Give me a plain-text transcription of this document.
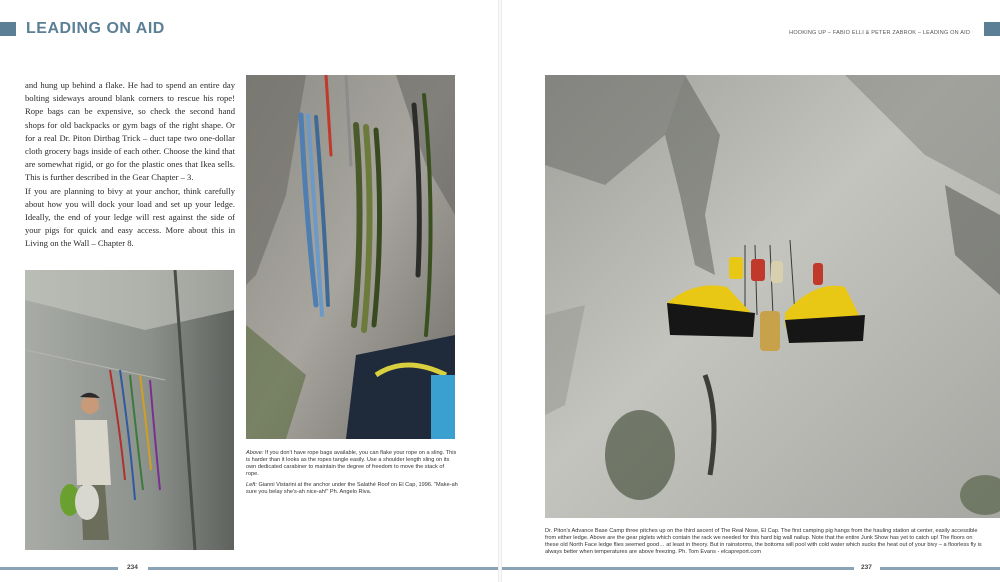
LEADING ON AID	HOOKING UP – FABIO ELLI & PETER ZABROK – LEADING ON AID

and hung up behind a flake. He had to spend an entire day bolting sideways around blank corners to rescue his rope! Rope bags can be expensive, so check the second hand shops for old backpacks or gym bags of the right shape. Or for a real Dr. Piton Dirtbag Trick – duct tape two one-dollar cloth grocery bags inside of each other. Choose the kind that are somewhat rigid, or go for the plastic ones that Ikea sells. This is further described in the Gear Chapter – 3.

If you are planning to bivy at your anchor, think carefully about how you will dock your load and set up your ledge. Ideally, the end of your ledge will rest against the side of your pigs for quick and easy access. More about this in Living on the Wall – Chapter 8.

Above: If you don't have rope bags available, you can flake your rope on a sling. This is harder than it looks as the ropes tangle easily. Use a shoulder length sling on its own dedicated carabiner to maintain the degree of freedom to move the stack of rope.

Left: Gianni Vistarini at the anchor under the Salathé Roof on El Cap, 1996. "Make-ah sure you belay she's-ah nice-ah!" Ph. Angelo Riva.

Dr. Piton's Advance Base Camp three pitches up on the third ascent of The Real Nose, El Cap. The first camping pig hangs from the hauling station at center, easily accessible from either ledge. Above are the gear piglets which contain the rack we needed for this hard big wall nailup. Note that the entire Junk Show has yet to catch up! The floors on these old North Face ledge flies seemed good… at least in theory. But in rainstorms, the bottoms will pool with cold water which sucks the heat out of your bivy – a floorless fly is always better when temperatures are above freezing. Ph. Tom Evans - elcapreport.com
234	237
